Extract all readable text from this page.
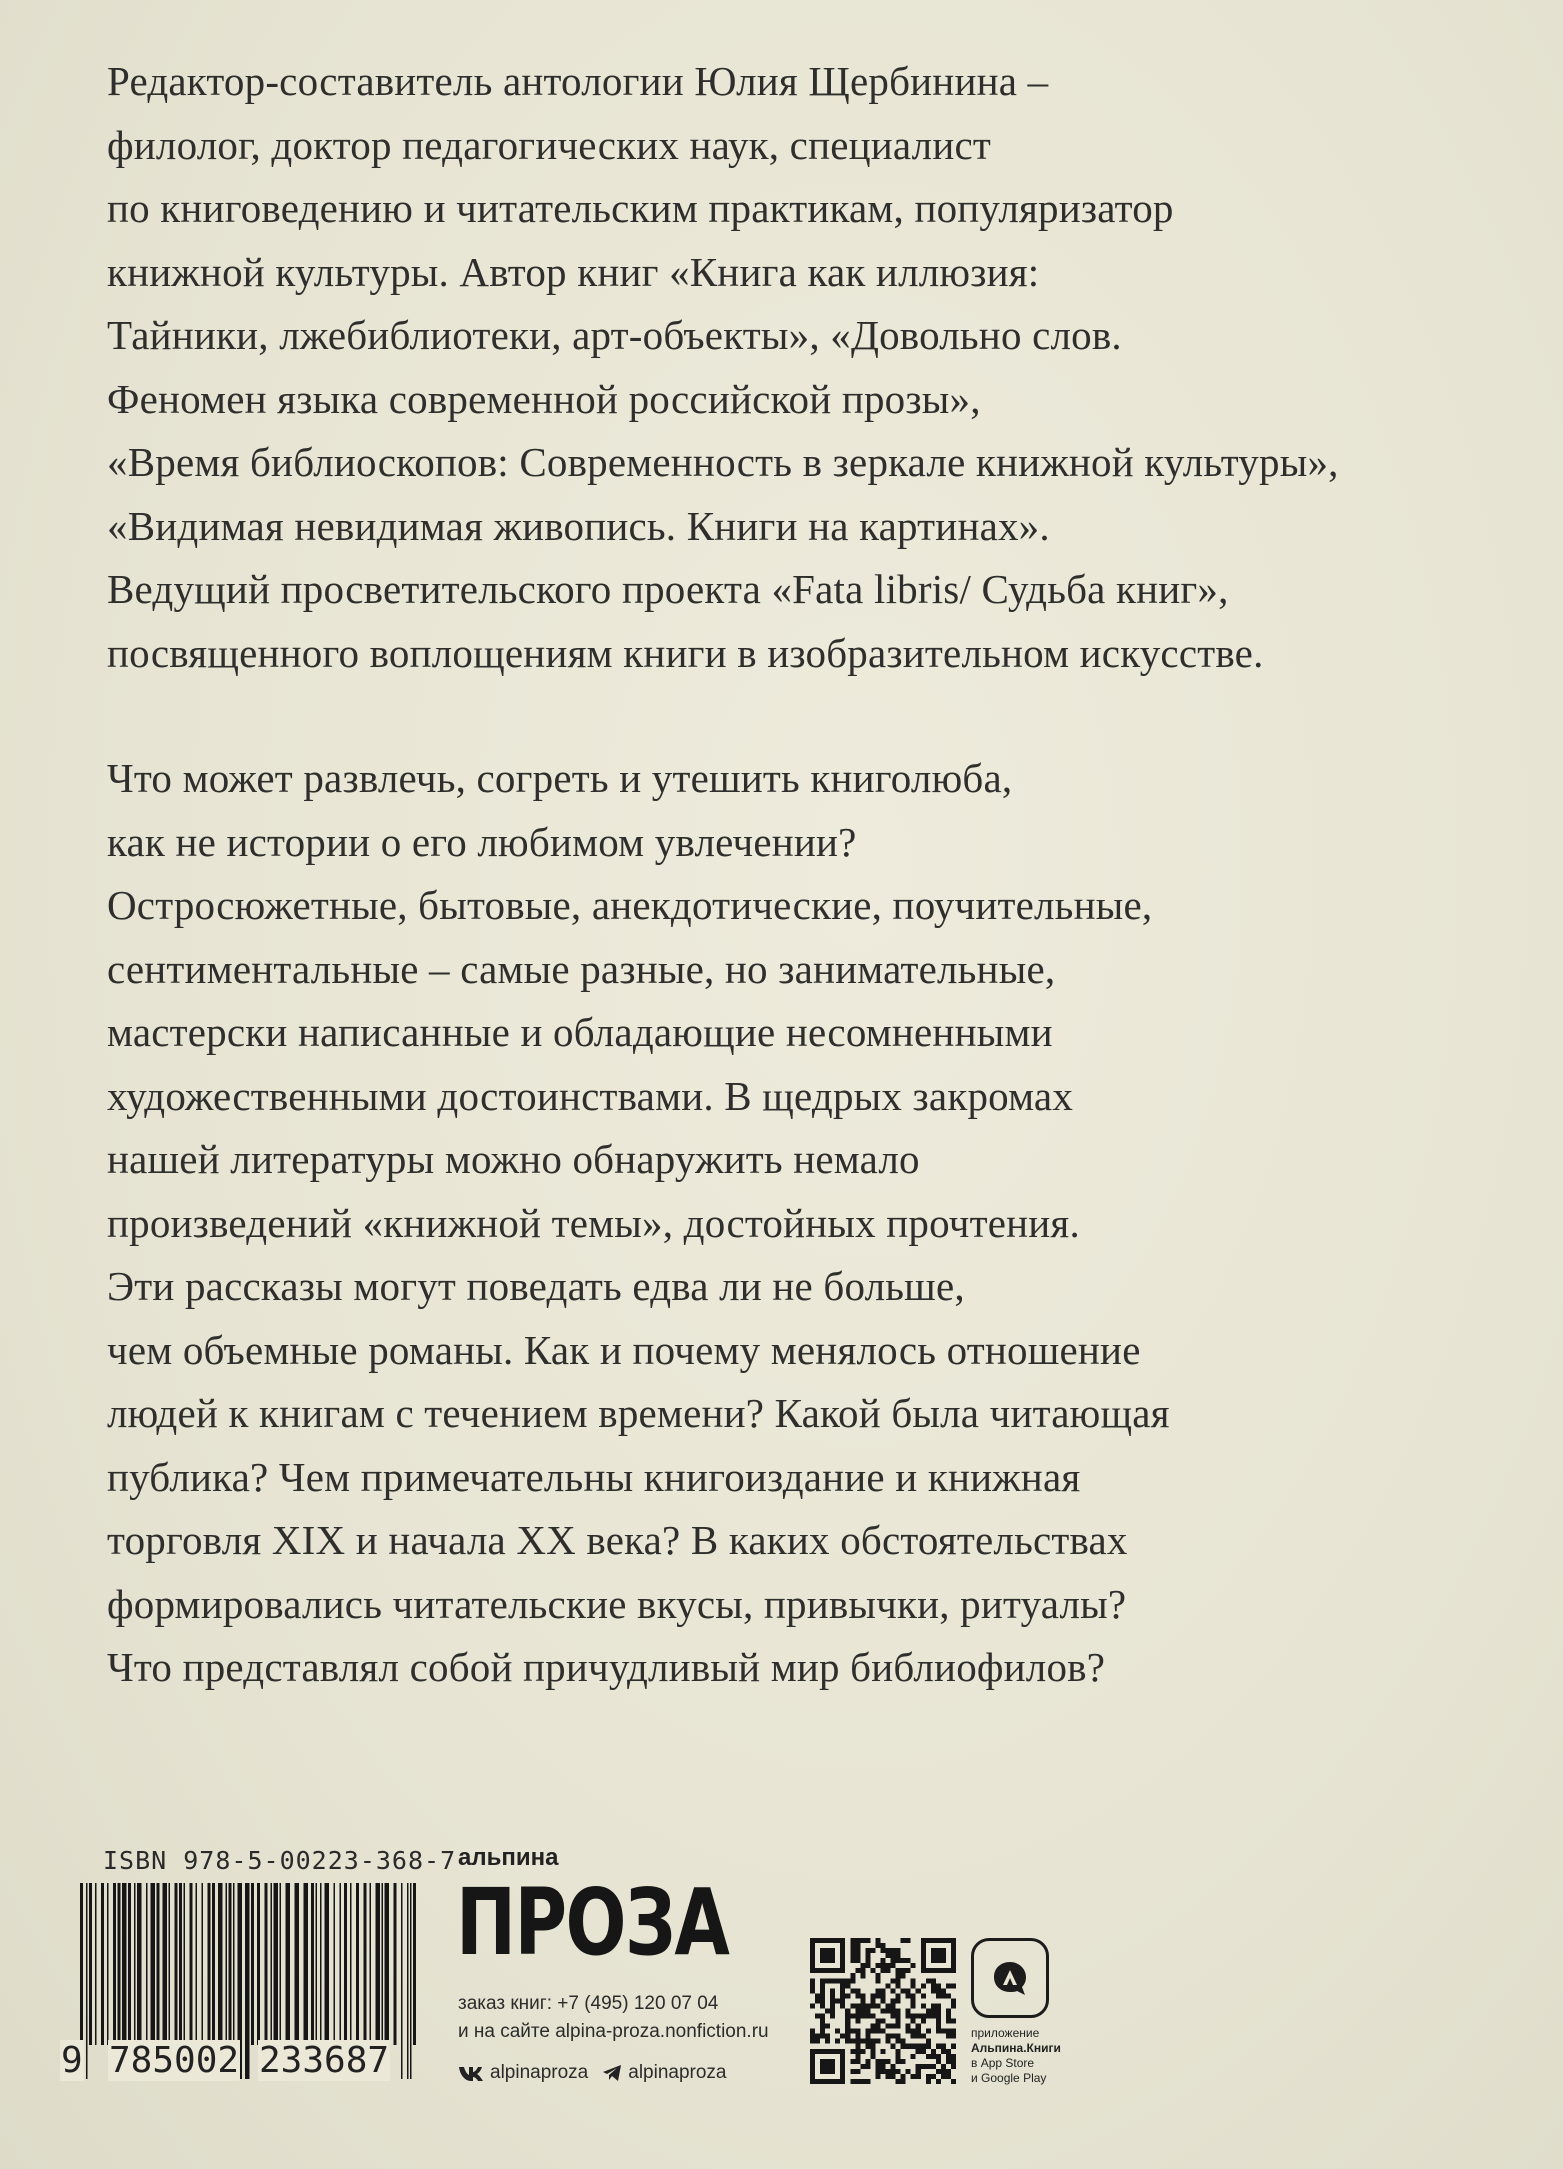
Редактор-составитель антологии Юлия Щербинина –
филолог, доктор педагогических наук, специалист
по книговедению и читательским практикам, популяризатор
книжной культуры. Автор книг «Книга как иллюзия:
Тайники, лжебиблиотеки, арт-объекты», «Довольно слов.
Феномен языка современной российской прозы»,
«Время библиоскопов: Современность в зеркале книжной культуры»,
«Видимая невидимая живопись. Книги на картинах».
Ведущий просветительского проекта «Fata libris/ Судьба книг»,
посвященного воплощениям книги в изобразительном искусстве.
Что может развлечь, согреть и утешить книголюба,
как не истории о его любимом увлечении?
Остросюжетные, бытовые, анекдотические, поучительные,
сентиментальные – самые разные, но занимательные,
мастерски написанные и обладающие несомненными
художественными достоинствами. В щедрых закромах
нашей литературы можно обнаружить немало
произведений «книжной темы», достойных прочтения.
Эти рассказы могут поведать едва ли не больше,
чем объемные романы. Как и почему менялось отношение
людей к книгам с течением времени? Какой была читающая
публика? Чем примечательны книгоиздание и книжная
торговля XIX и начала XX века? В каких обстоятельствах
формировались читательские вкусы, привычки, ритуалы?
Что представлял собой причудливый мир библиофилов?
ISBN 978-5-00223-368-7
9 785002 233687
альпина
ПРОЗА
заказ книг: +7 (495) 120 07 04
и на сайте alpina-proza.nonfiction.ru
alpinaproza alpinaproza
приложение
Альпина.Книги
в App Store
и Google Play
